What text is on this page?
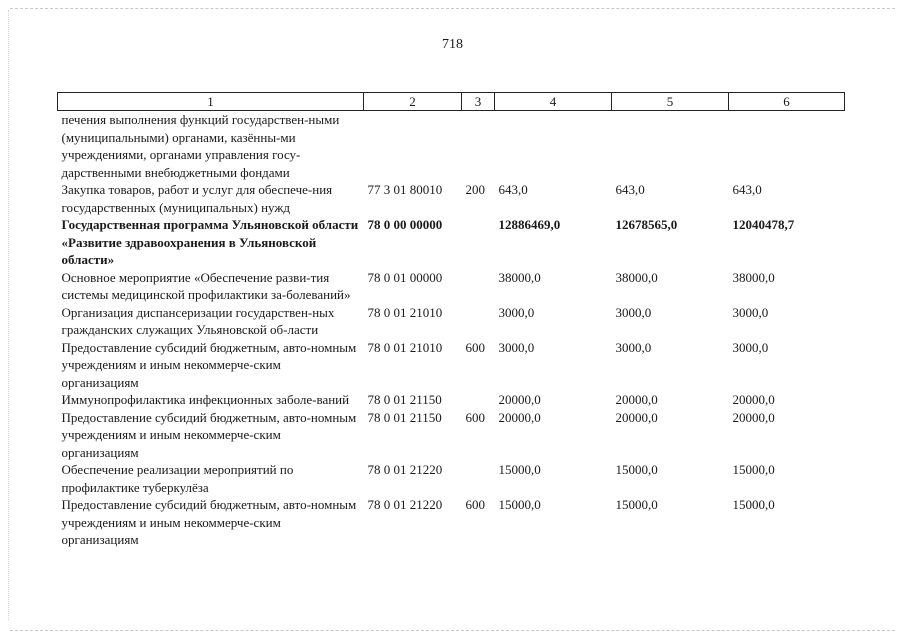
718
1	2	3	4	5	6
печения выполнения функций государствен-ными (муниципальными) органами, казённы-ми учреждениями, органами управления госу-дарственными внебюджетными фондами					
Закупка товаров, работ и услуг для обеспече-ния государственных (муниципальных) нужд	77 3 01 80010	200	643,0	643,0	643,0
Государственная программа Ульяновской области «Развитие здравоохранения в Ульяновской области»	78 0 00 00000		12886469,0	12678565,0	12040478,7
Основное мероприятие «Обеспечение разви-тия системы медицинской профилактики за-болеваний»	78 0 01 00000		38000,0	38000,0	38000,0
Организация диспансеризации государствен-ных гражданских служащих Ульяновской об-ласти	78 0 01 21010		3000,0	3000,0	3000,0
Предоставление субсидий бюджетным, авто-номным учреждениям и иным некоммерче-ским организациям	78 0 01 21010	600	3000,0	3000,0	3000,0
Иммунопрофилактика инфекционных заболе-ваний	78 0 01 21150		20000,0	20000,0	20000,0
Предоставление субсидий бюджетным, авто-номным учреждениям и иным некоммерче-ским организациям	78 0 01 21150	600	20000,0	20000,0	20000,0
Обеспечение реализации мероприятий по профилактике туберкулёза	78 0 01 21220		15000,0	15000,0	15000,0
Предоставление субсидий бюджетным, авто-номным учреждениям и иным некоммерче-ским организациям	78 0 01 21220	600	15000,0	15000,0	15000,0
